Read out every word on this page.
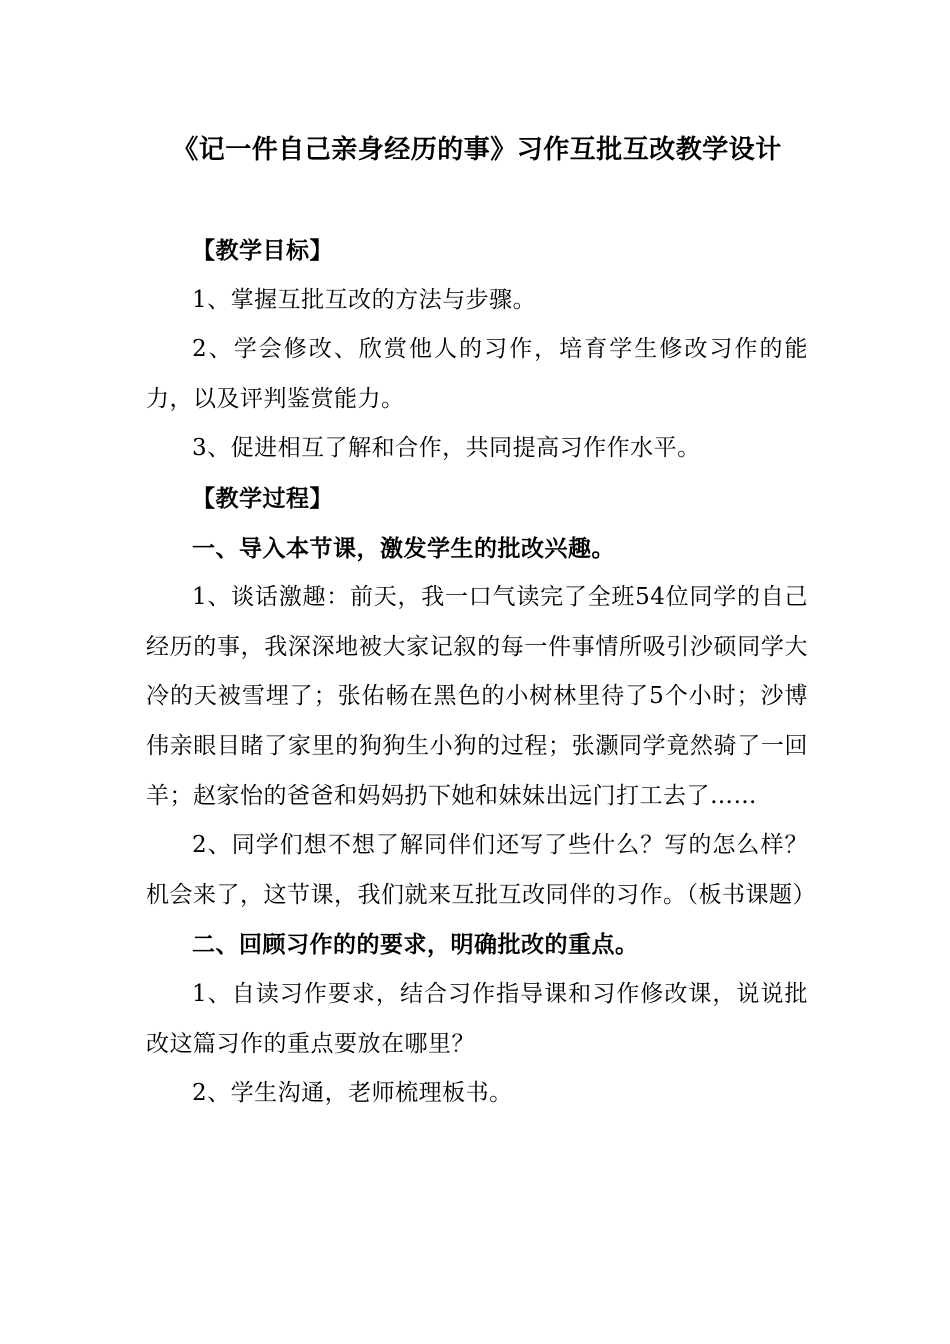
《记一件自己亲身经历的事》习作互批互改教学设计

【教学目标】

1、掌握互批互改的方法与步骤。

2、学会修改、欣赏他人的习作，培育学生修改习作的能力，以及评判鉴赏能力。

3、促进相互了解和合作，共同提高习作作水平。

【教学过程】

一、导入本节课，激发学生的批改兴趣。

1、谈话激趣：前天，我一口气读完了全班54位同学的自己经历的事，我深深地被大家记叙的每一件事情所吸引沙硕同学大冷的天被雪埋了；张佑畅在黑色的小树林里待了5个小时；沙博伟亲眼目睹了家里的狗狗生小狗的过程；张灏同学竟然骑了一回羊；赵家怡的爸爸和妈妈扔下她和妹妹出远门打工去了……

2、同学们想不想了解同伴们还写了些什么？写的怎么样？机会来了，这节课，我们就来互批互改同伴的习作。（板书课题）

二、回顾习作的的要求，明确批改的重点。

1、自读习作要求，结合习作指导课和习作修改课，说说批改这篇习作的重点要放在哪里？

2、学生沟通，老师梳理板书。
